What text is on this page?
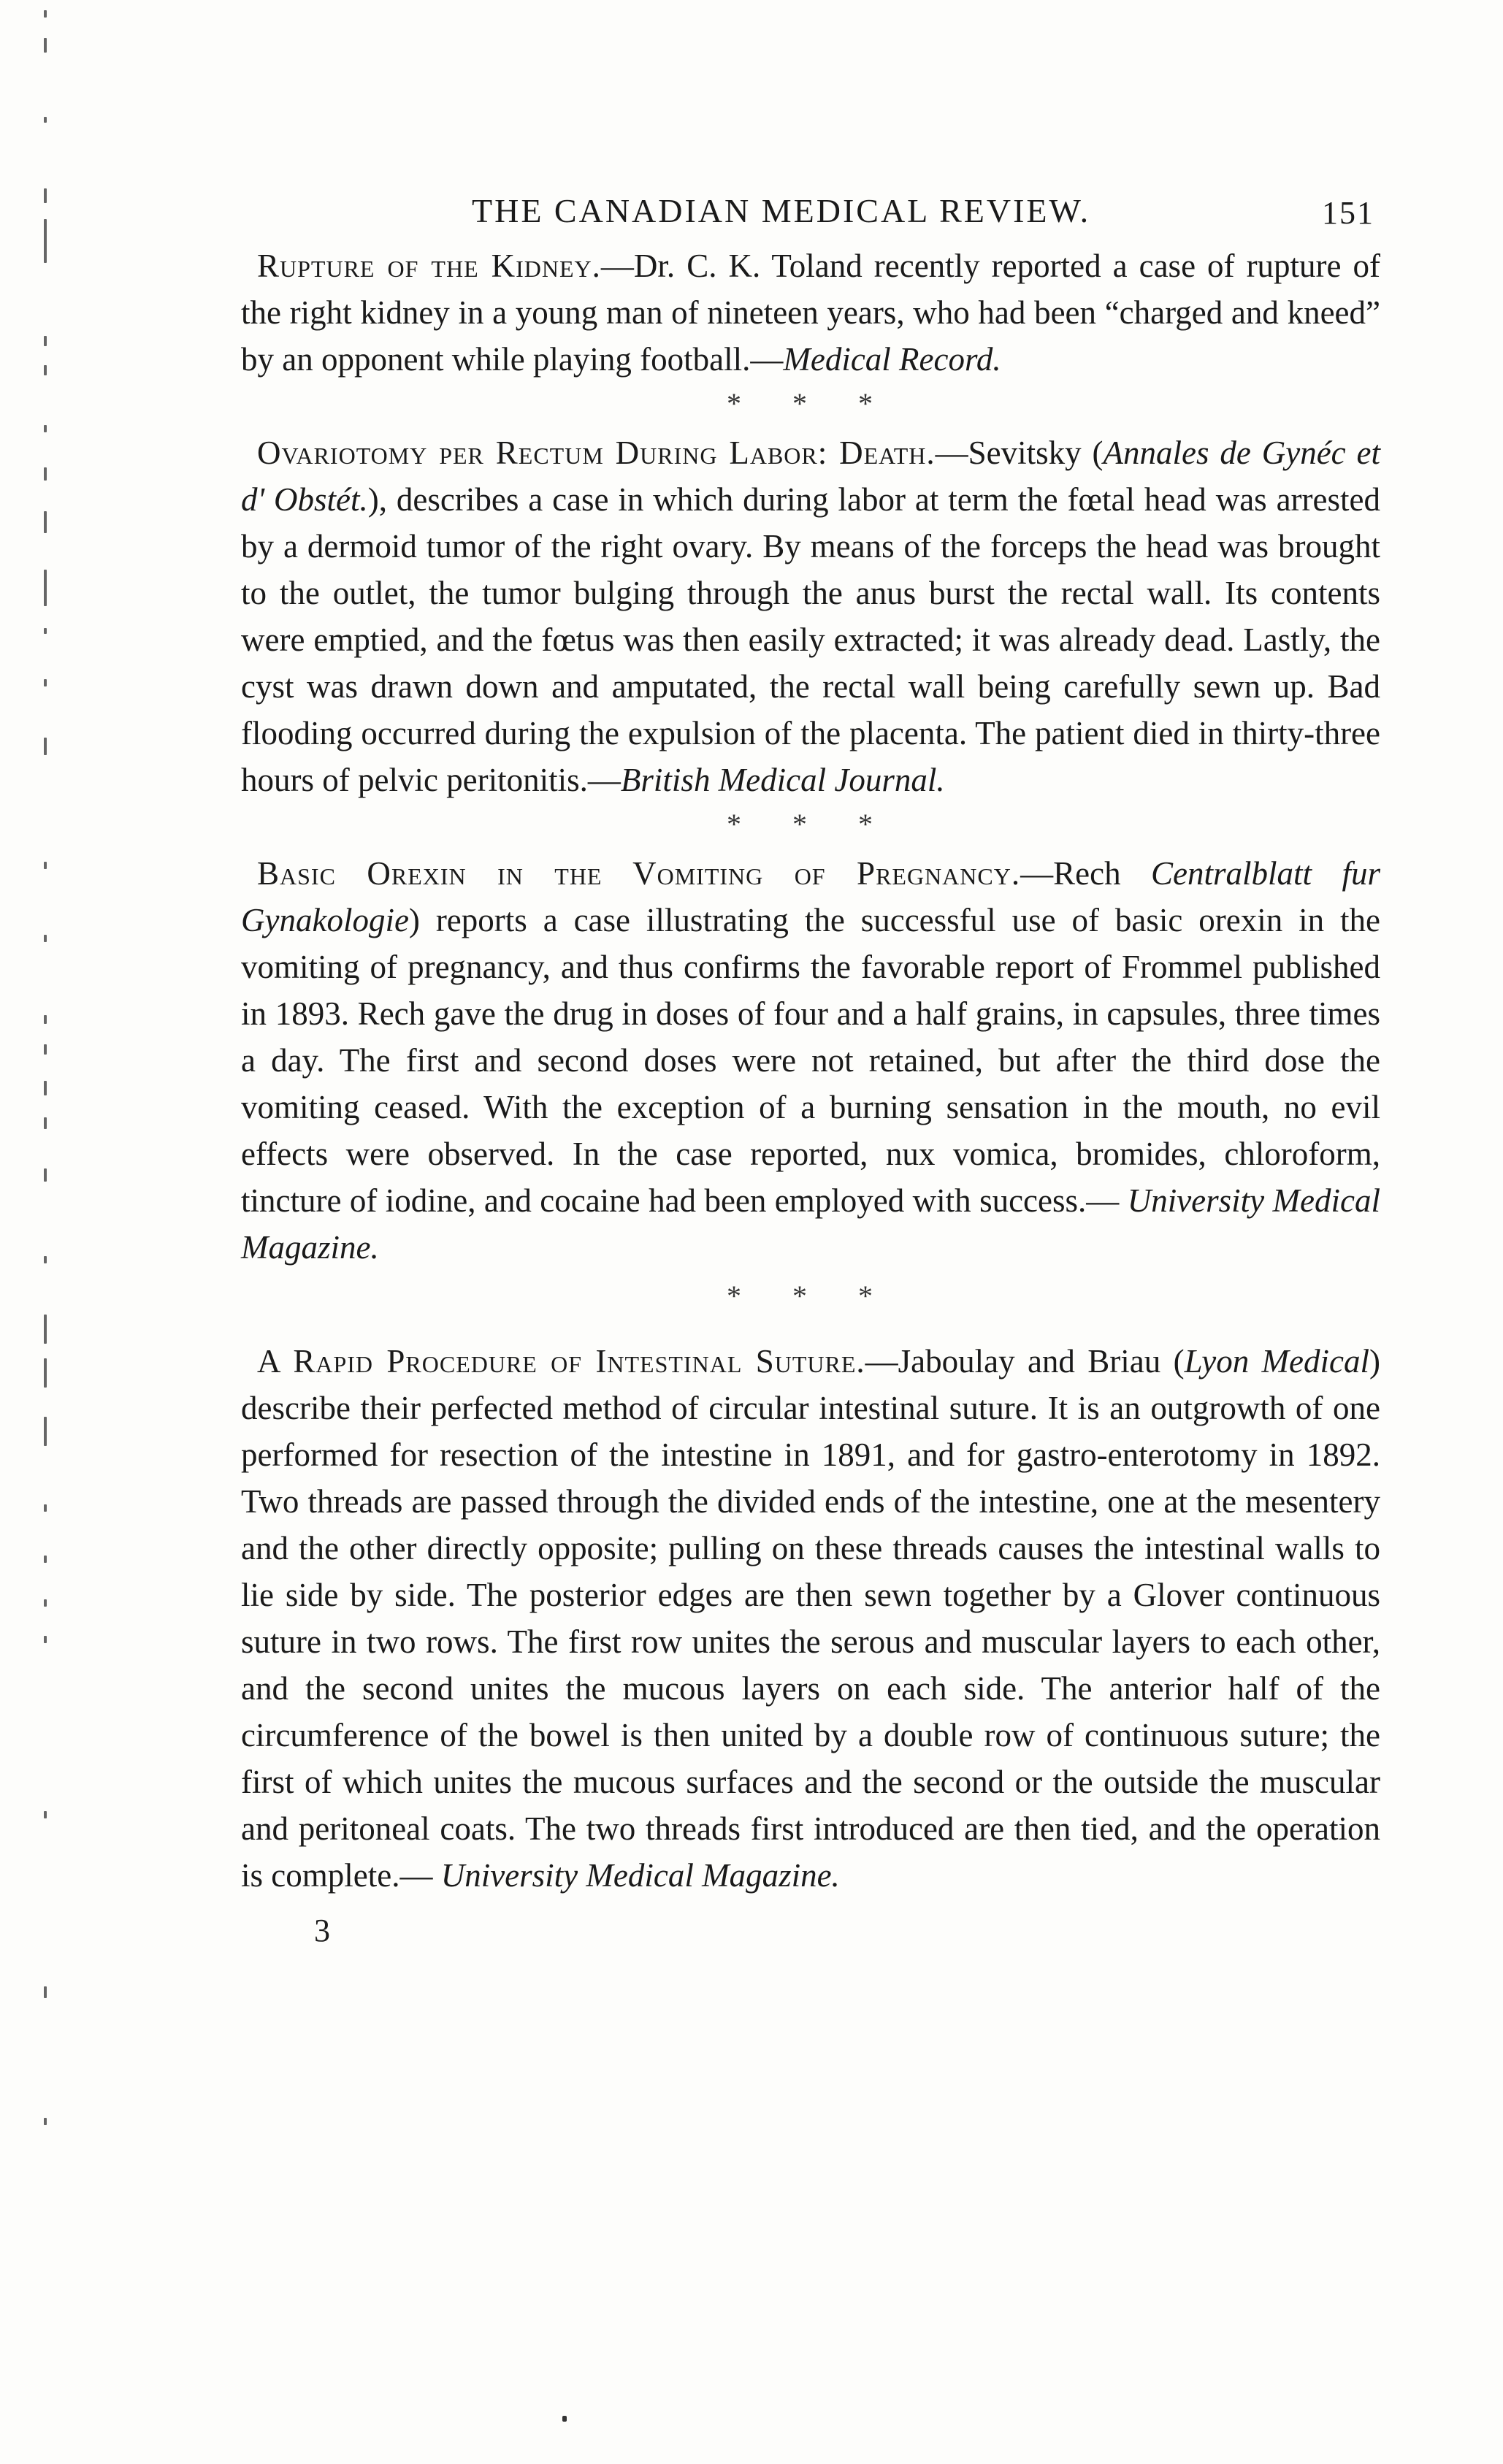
THE CANADIAN MEDICAL REVIEW.	151

Rupture of the Kidney.—Dr. C. K. Toland recently reported a case of rupture of the right kidney in a young man of nineteen years, who had been “charged and kneed” by an opponent while playing football.—Medical Record.

* * *

Ovariotomy per Rectum During Labor: Death.—Sevitsky (Annales de Gynéc et d' Obstét.), describes a case in which during labor at term the fœtal head was arrested by a dermoid tumor of the right ovary. By means of the forceps the head was brought to the outlet, the tumor bulging through the anus burst the rectal wall. Its contents were emptied, and the fœtus was then easily extracted; it was already dead. Lastly, the cyst was drawn down and amputated, the rectal wall being carefully sewn up. Bad flooding occurred during the expulsion of the placenta. The patient died in thirty-three hours of pelvic peritonitis.—British Medical Journal.

* * *

Basic Orexin in the Vomiting of Pregnancy.—Rech Centralblatt fur Gynakologie) reports a case illustrating the successful use of basic orexin in the vomiting of pregnancy, and thus confirms the favorable report of Frommel published in 1893. Rech gave the drug in doses of four and a half grains, in capsules, three times a day. The first and second doses were not retained, but after the third dose the vomiting ceased. With the exception of a burning sensation in the mouth, no evil effects were observed. In the case reported, nux vomica, bromides, chloroform, tincture of iodine, and cocaine had been employed with success.— University Medical Magazine.

* * *

A Rapid Procedure of Intestinal Suture.—Jaboulay and Briau (Lyon Medical) describe their perfected method of circular intestinal suture. It is an outgrowth of one performed for resection of the intestine in 1891, and for gastro-enterotomy in 1892. Two threads are passed through the divided ends of the intestine, one at the mesentery and the other directly opposite; pulling on these threads causes the intestinal walls to lie side by side. The posterior edges are then sewn together by a Glover continuous suture in two rows. The first row unites the serous and muscular layers to each other, and the second unites the mucous layers on each side. The anterior half of the circumference of the bowel is then united by a double row of continuous suture; the first of which unites the mucous surfaces and the second or the outside the muscular and peritoneal coats. The two threads first introduced are then tied, and the operation is complete.— University Medical Magazine.

3
